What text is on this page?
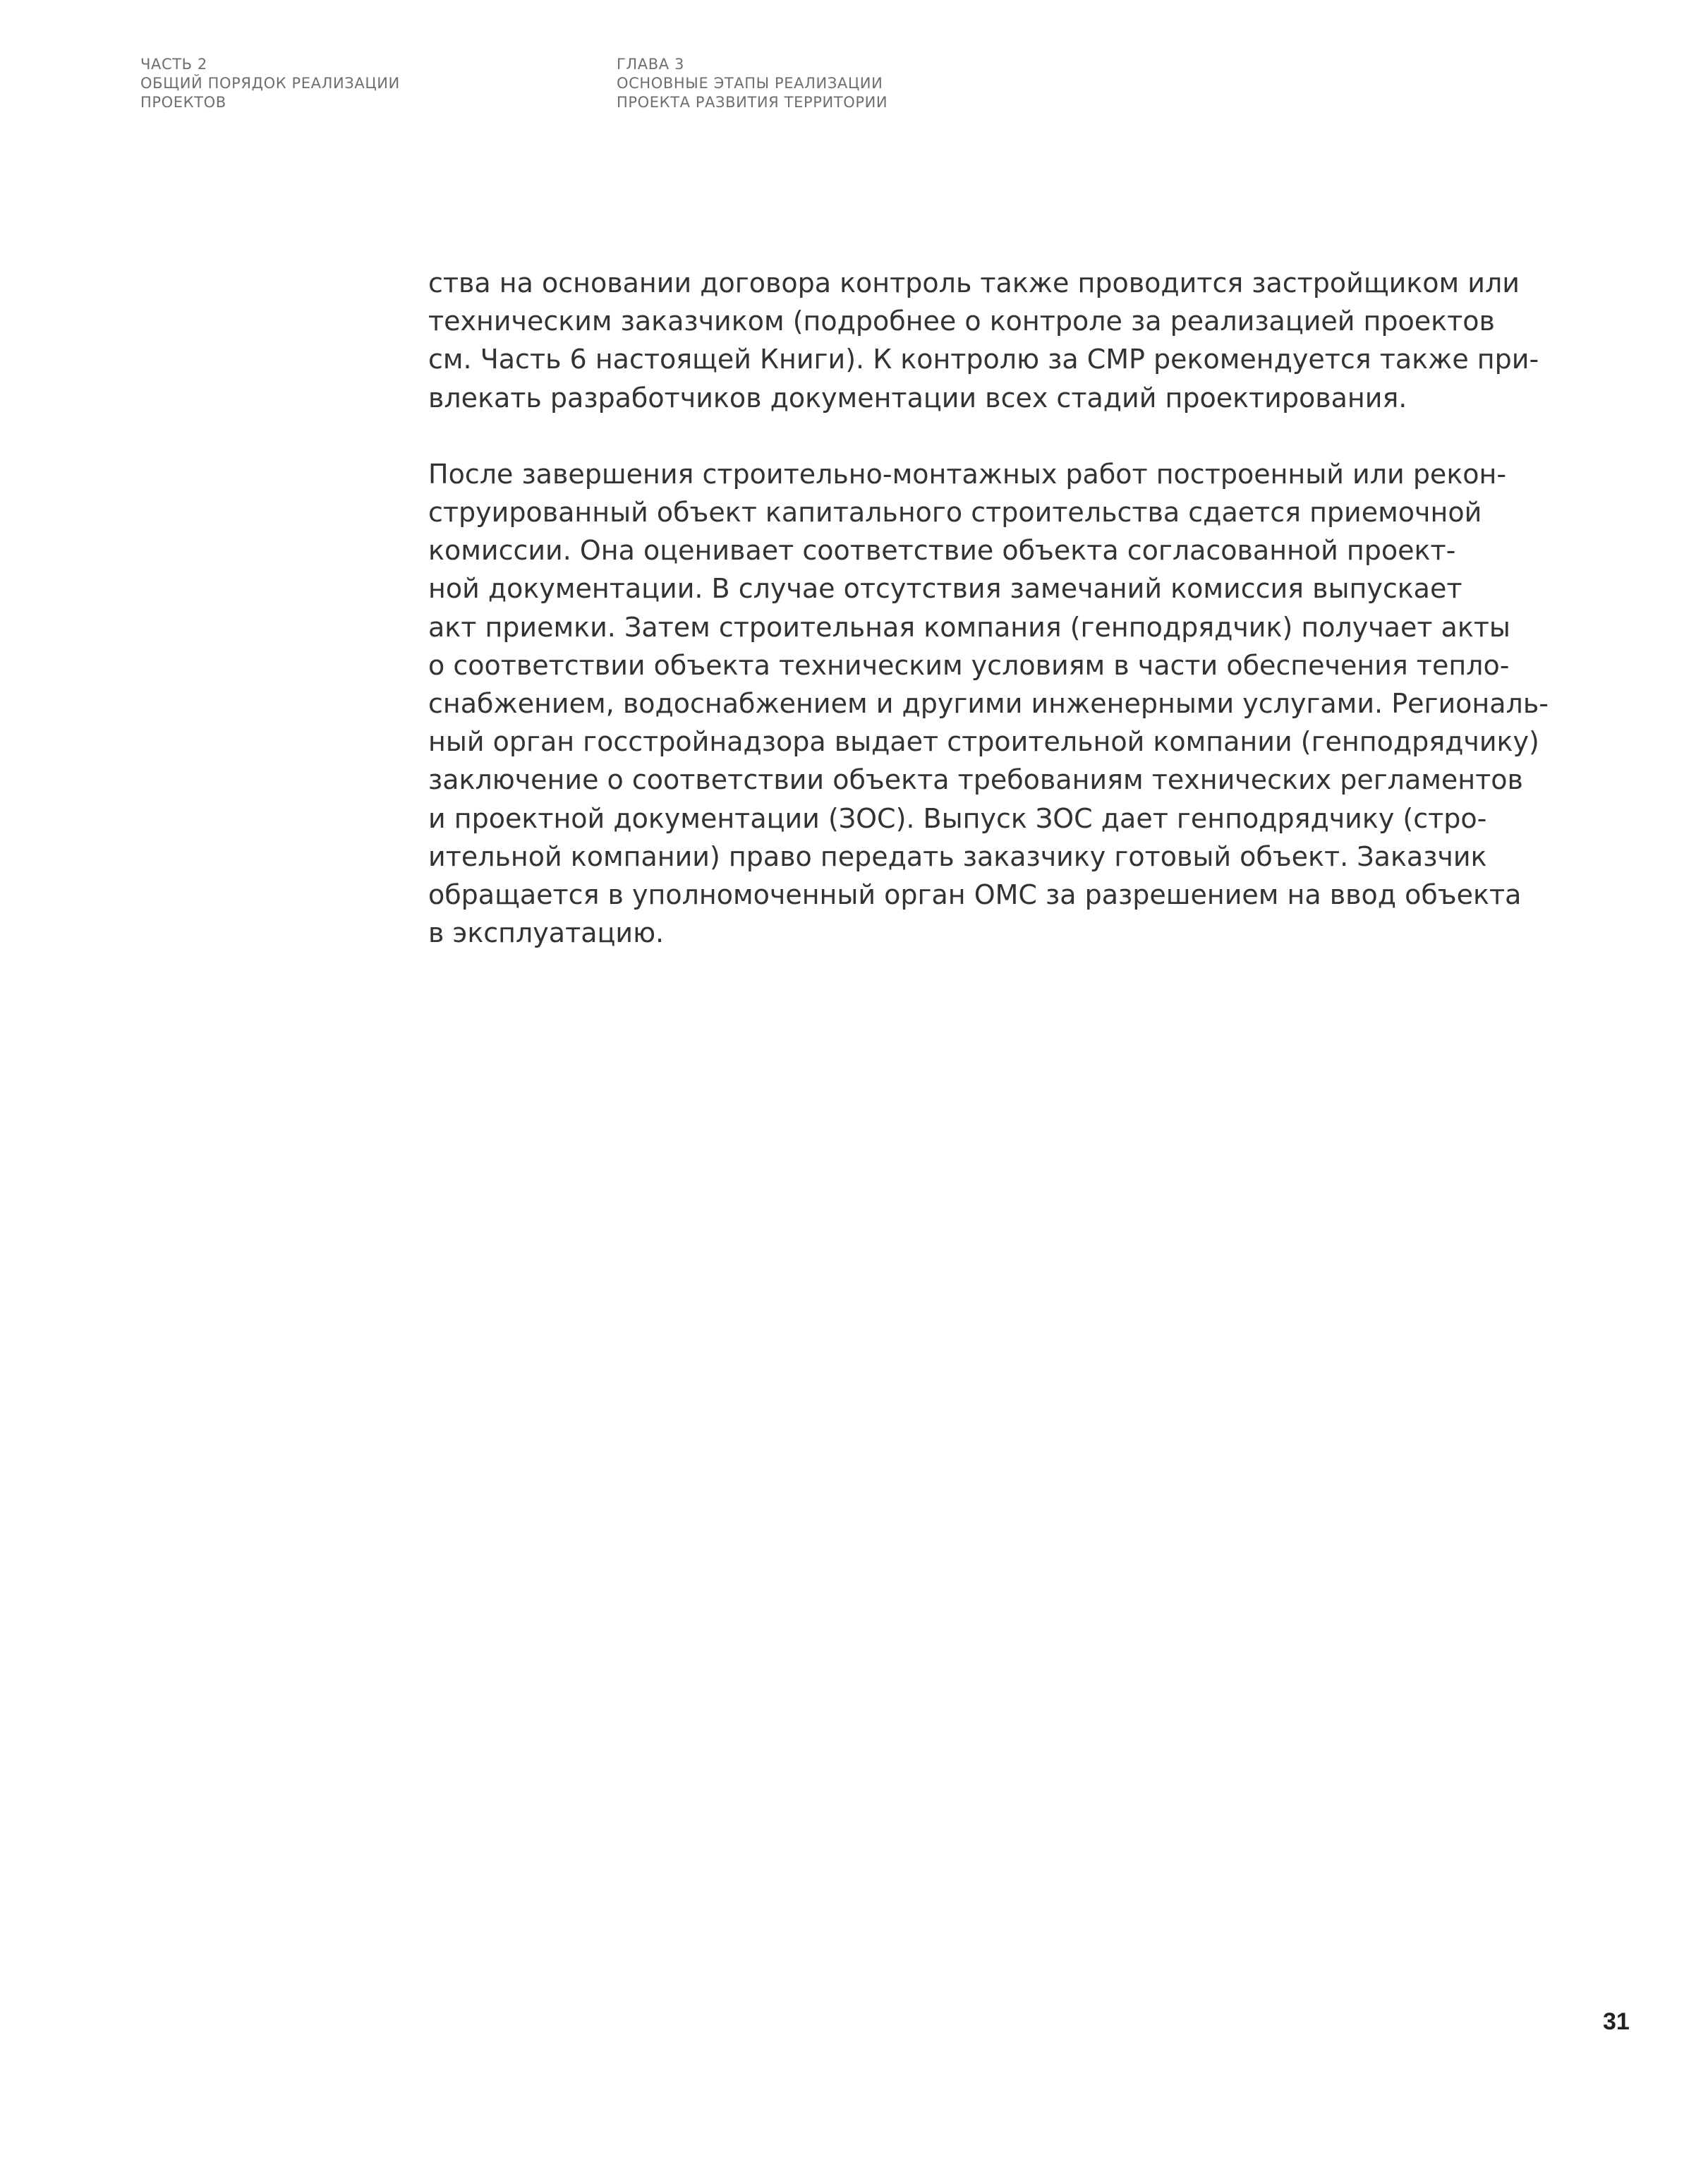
ЧАСТЬ 2
ОБЩИЙ ПОРЯДОК РЕАЛИЗАЦИИ
ПРОЕКТОВ
ГЛАВА 3
ОСНОВНЫЕ ЭТАПЫ РЕАЛИЗАЦИИ
ПРОЕКТА РАЗВИТИЯ ТЕРРИТОРИИ

ства на основании договора контроль также проводится застройщиком или
техническим заказчиком (подробнее о контроле за реализацией проектов
см. Часть 6 настоящей Книги). К контролю за СМР рекомендуется также при-
влекать разработчиков документации всех стадий проектирования.

После завершения строительно-монтажных работ построенный или рекон-
струированный объект капитального строительства сдается приемочной
комиссии. Она оценивает соответствие объекта согласованной проект-
ной документации. В случае отсутствия замечаний комиссия выпускает
акт приемки. Затем строительная компания (генподрядчик) получает акты
о соответствии объекта техническим условиям в части обеспечения тепло-
снабжением, водоснабжением и другими инженерными услугами. Региональ-
ный орган госстройнадзора выдает строительной компании (генподрядчику)
заключение о соответствии объекта требованиям технических регламентов
и проектной документации (ЗОС). Выпуск ЗОС дает генподрядчику (стро-
ительной компании) право передать заказчику готовый объект. Заказчик
обращается в уполномоченный орган ОМС за разрешением на ввод объекта
в эксплуатацию.

31
